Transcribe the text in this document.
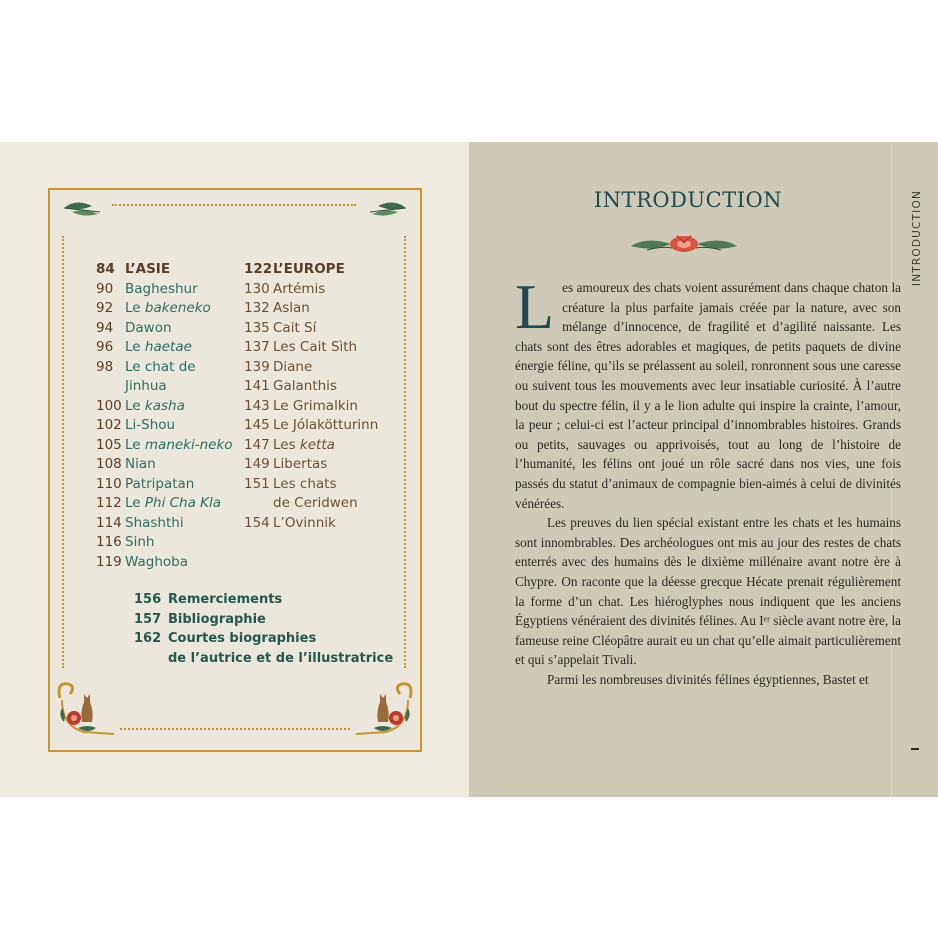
84 L’ASIE
90 Bagheshur
92 Le bakeneko
94 Dawon
96 Le haetae
98 Le chat de
Jinhua
100 Le kasha
102 Li-Shou
105 Le maneki-neko
108 Nian
110 Patripatan
112 Le Phi Cha Kla
114 Shashthi
116 Sinh
119 Waghoba
122 L’EUROPE
130 Artémis
132 Aslan
135 Cait Sí
137 Les Cait Sìth
139 Diane
141 Galanthis
143 Le Grimalkin
145 Le Jólakötturinn
147 Les ketta
149 Libertas
151 Les chats
de Ceridwen
154 L’Ovinnik
156 Remerciements
157 Bibliographie
162 Courtes biographies
de l’autrice et de l’illustratrice
INTRODUCTION
INTRODUCTION

Les amoureux des chats voient assurément dans chaque chaton la créature la plus parfaite jamais créée par la nature, avec son mélange d’innocence, de fragilité et d’agilité naissante. Les chats sont des êtres adorables et magiques, de petits paquets de divine énergie féline, qu’ils se prélassent au soleil, ronronnent sous une caresse ou suivent tous les mouvements avec leur insatiable curiosité. À l’autre bout du spectre félin, il y a le lion adulte qui inspire la crainte, l’amour, la peur ; celui-ci est l’acteur principal d’innombrables histoires. Grands ou petits, sauvages ou apprivoisés, tout au long de l’histoire de l’humanité, les félins ont joué un rôle sacré dans nos vies, une fois passés du statut d’animaux de compagnie bien-aimés à celui de divinités vénérées.

Les preuves du lien spécial existant entre les chats et les humains sont innombrables. Des archéologues ont mis au jour des restes de chats enterrés avec des humains dès le dixième millénaire avant notre ère à Chypre. On raconte que la déesse grecque Hécate prenait régulièrement la forme d’un chat. Les hiéroglyphes nous indiquent que les anciens Égyptiens vénéraient des divinités félines. Au Iᵉʳ siècle avant notre ère, la fameuse reine Cléopâtre aurait eu un chat qu’elle aimait particulièrement et qui s’appelait Tivali.

Parmi les nombreuses divinités félines égyptiennes, Bastet et
